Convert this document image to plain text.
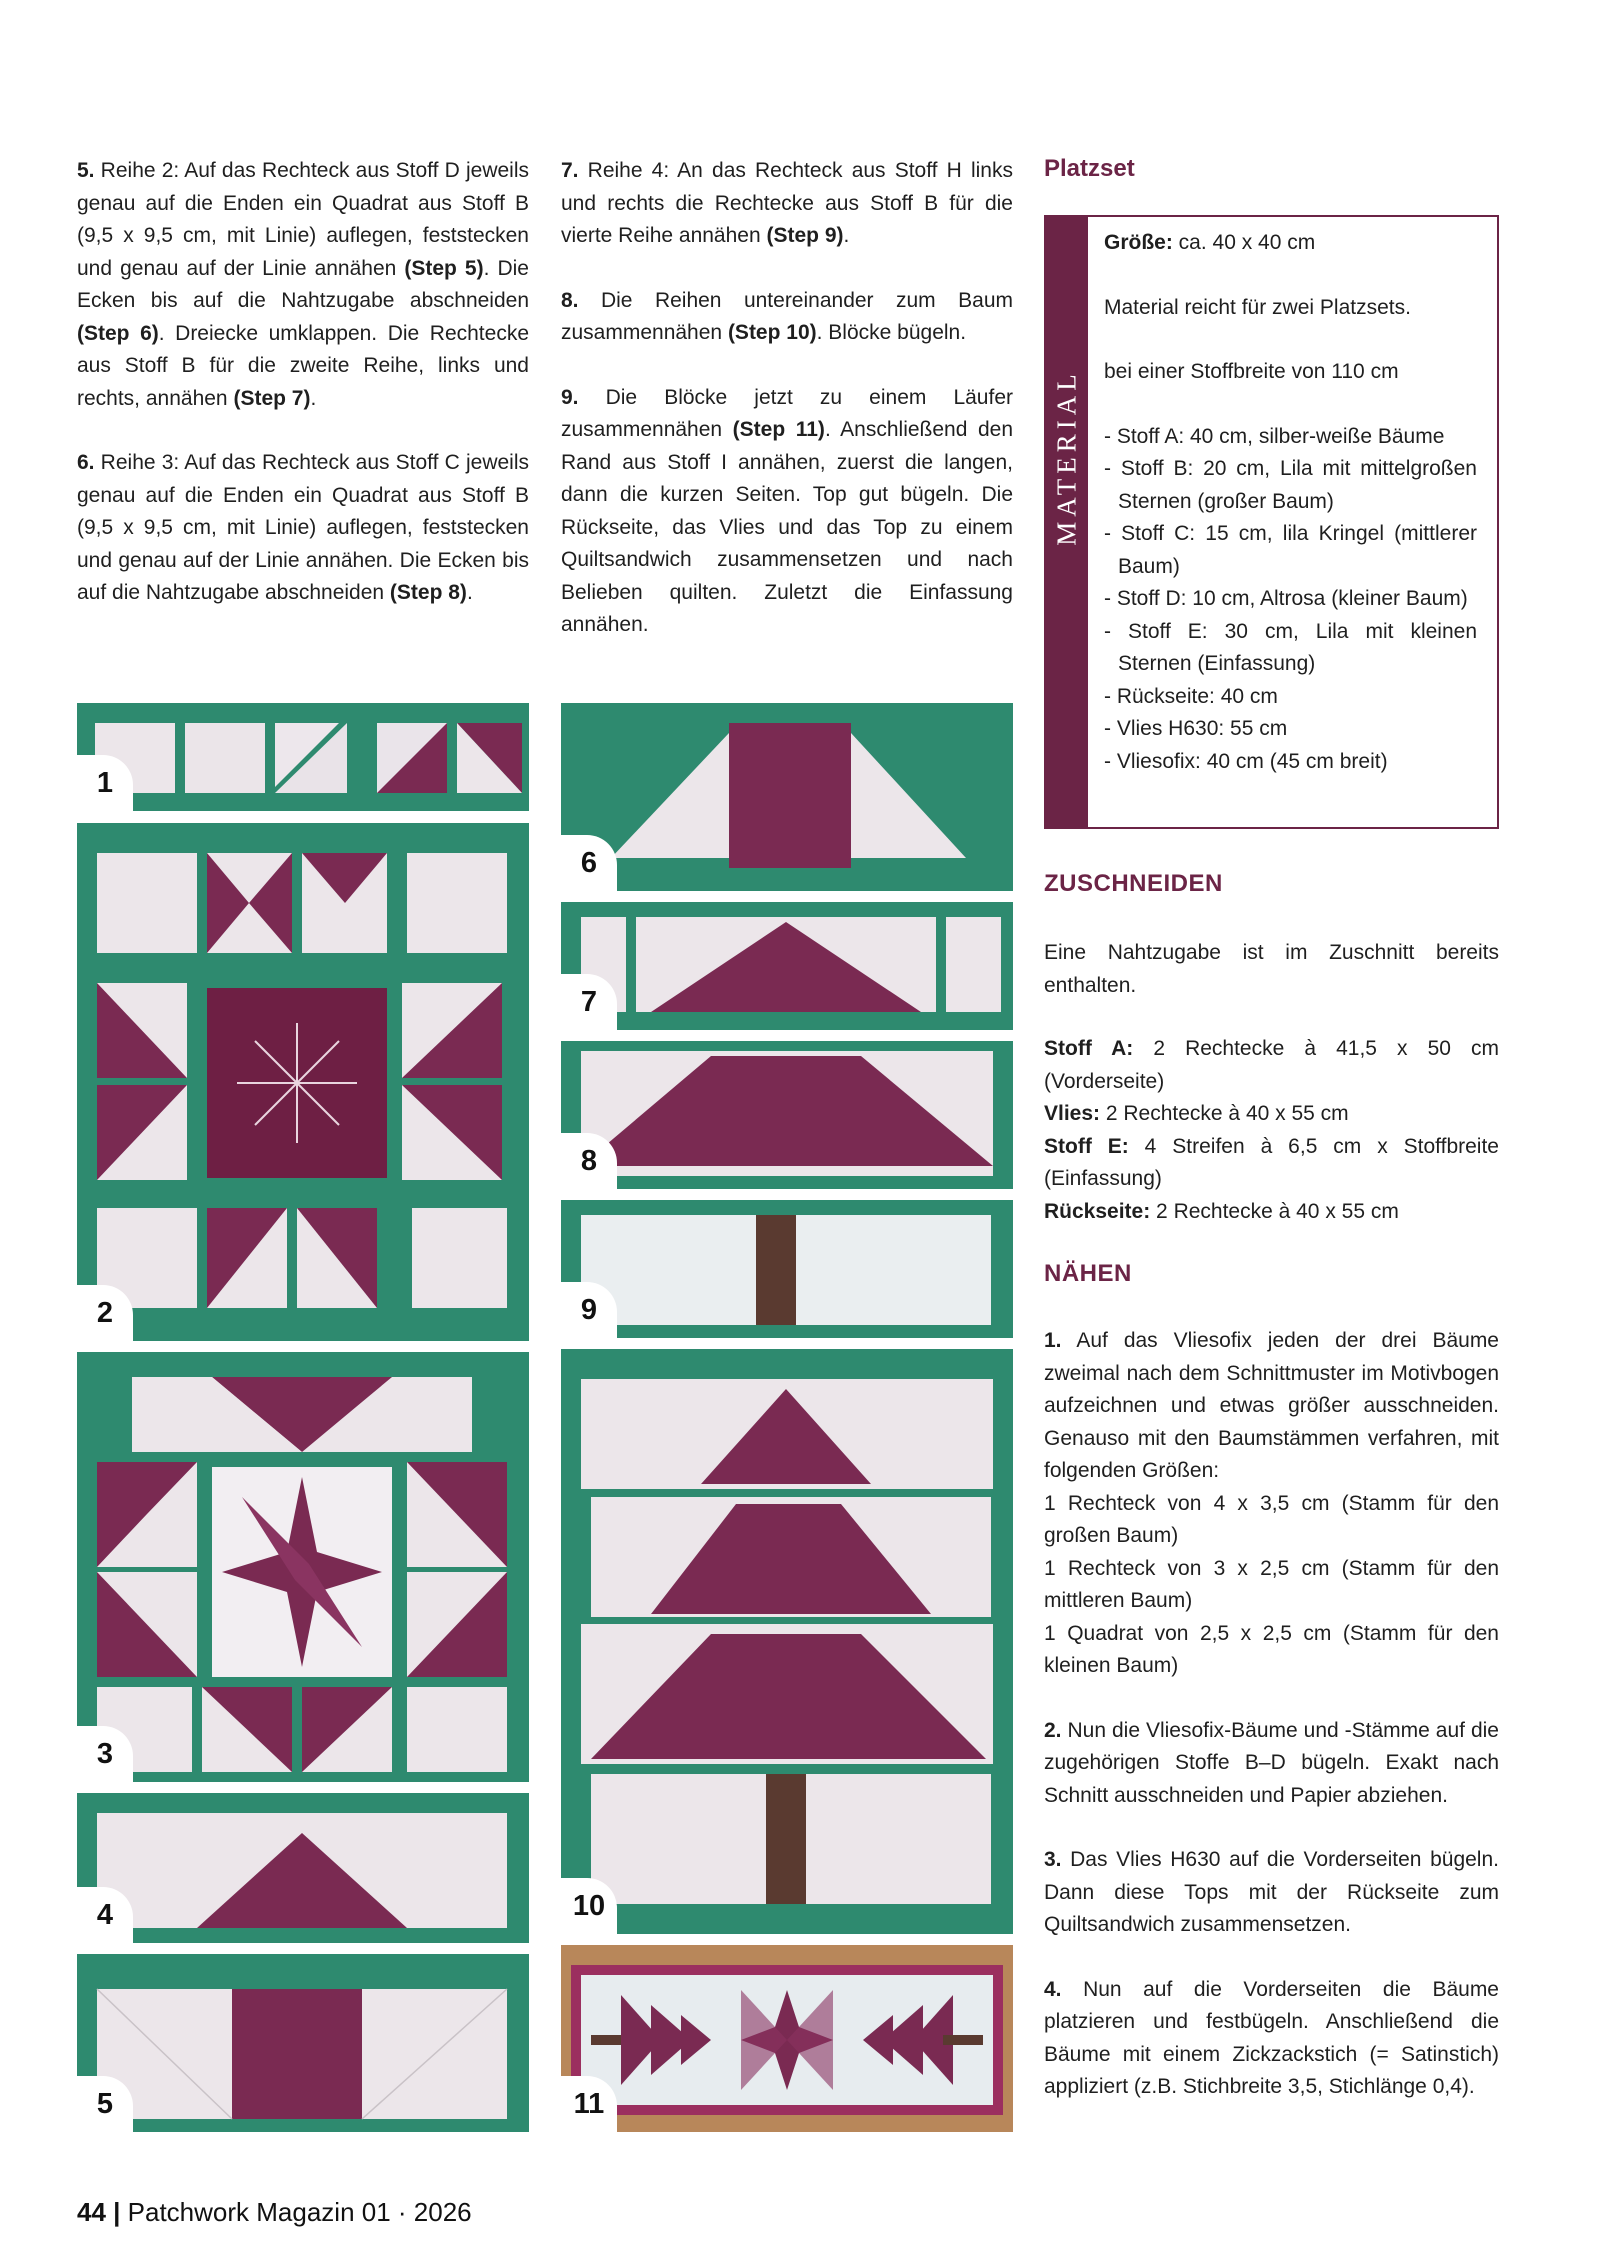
5. Reihe 2: Auf das Rechteck aus Stoff D jeweils genau auf die Enden ein Quadrat aus Stoff B (9,5 x 9,5 cm, mit Linie) auflegen, feststecken und genau auf der Linie annähen (Step 5). Die Ecken bis auf die Nahtzugabe abschneiden (Step 6). Dreiecke umklappen. Die Rechtecke aus Stoff B für die zweite Reihe, links und rechts, annähen (Step 7).

6. Reihe 3: Auf das Rechteck aus Stoff C jeweils genau auf die Enden ein Quadrat aus Stoff B (9,5 x 9,5 cm, mit Linie) auflegen, feststecken und genau auf der Linie annähen. Die Ecken bis auf die Nahtzugabe abschneiden (Step 8).

7. Reihe 4: An das Rechteck aus Stoff H links und rechts die Rechtecke aus Stoff B für die vierte Reihe annähen (Step 9).

8. Die Reihen untereinander zum Baum zusammennähen (Step 10). Blöcke bügeln.

9. Die Blöcke jetzt zu einem Läufer zusammennähen (Step 11). Anschließend den Rand aus Stoff I annähen, zuerst die langen, dann die kurzen Seiten. Top gut bügeln. Die Rückseite, das Vlies und das Top zu einem Quiltsandwich zusammensetzen und nach Belieben quilten. Zuletzt die Einfassung annähen.

Platzset
MATERIAL
Größe: ca. 40 x 40 cm
Material reicht für zwei Platzsets.
bei einer Stoffbreite von 110 cm
- Stoff A: 40 cm, silber-weiße Bäume
- Stoff B: 20 cm, Lila mit mittelgroßen Sternen (großer Baum)
- Stoff C: 15 cm, lila Kringel (mittlerer Baum)
- Stoff D: 10 cm, Altrosa (kleiner Baum)
- Stoff E: 30 cm, Lila mit kleinen Sternen (Einfassung)
- Rückseite: 40 cm
- Vlies H630: 55 cm
- Vliesofix: 40 cm (45 cm breit)
ZUSCHNEIDEN
Eine Nahtzugabe ist im Zuschnitt bereits enthalten.
Stoff A: 2 Rechtecke à 41,5 x 50 cm (Vorderseite)
Vlies: 2 Rechtecke à 40 x 55 cm
Stoff E: 4 Streifen à 6,5 cm x Stoffbreite (Einfassung)
Rückseite: 2 Rechtecke à 40 x 55 cm
NÄHEN

1. Auf das Vliesofix jeden der drei Bäume zweimal nach dem Schnittmuster im Motivbogen aufzeichnen und etwas größer ausschneiden. Genauso mit den Baumstämmen verfahren, mit folgenden Größen:
1 Rechteck von 4 x 3,5 cm (Stamm für den großen Baum)
1 Rechteck von 3 x 2,5 cm (Stamm für den mittleren Baum)
1 Quadrat von 2,5 x 2,5 cm (Stamm für den kleinen Baum)

2. Nun die Vliesofix-Bäume und -Stämme auf die zugehörigen Stoffe B–D bügeln. Exakt nach Schnitt ausschneiden und Papier abziehen.

3. Das Vlies H630 auf die Vorderseiten bügeln. Dann diese Tops mit der Rückseite zum Quiltsandwich zusammensetzen.

4. Nun auf die Vorderseiten die Bäume platzieren und festbügeln. Anschließend die Bäume mit einem Zickzackstich (= Satinstich) appliziert (z.B. Stichbreite 3,5, Stichlänge 0,4).

1
2
3
4
5
6
7
8
9
10
11
44 | Patchwork Magazin 01 · 2026
